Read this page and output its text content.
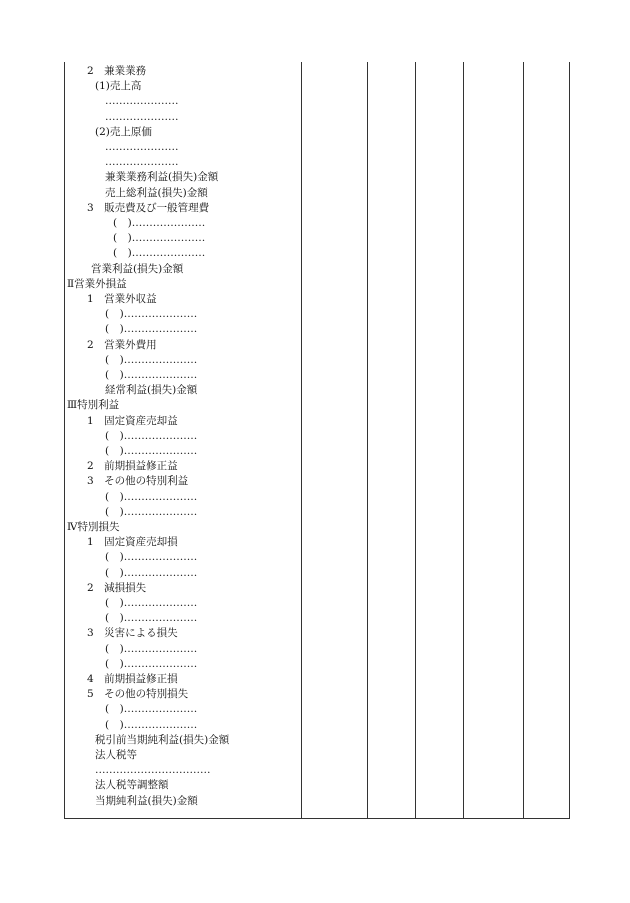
2　兼業業務
(1)売上高
…………………
…………………
(2)売上原価
…………………
…………………
兼業業務利益(損失)金額
売上総利益(損失)金額
3　販売費及び一般管理費
(　)…………………
(　)…………………
(　)…………………
営業利益(損失)金額
Ⅱ営業外損益
1　営業外収益
(　)…………………
(　)…………………
2　営業外費用
(　)…………………
(　)…………………
経常利益(損失)金額
Ⅲ特別利益
1　固定資産売却益
(　)…………………
(　)…………………
2　前期損益修正益
3　その他の特別利益
(　)…………………
(　)…………………
Ⅳ特別損失
1　固定資産売却損
(　)…………………
(　)…………………
2　減損損失
(　)…………………
(　)…………………
3　災害による損失
(　)…………………
(　)…………………
4　前期損益修正損
5　その他の特別損失
(　)…………………
(　)…………………
税引前当期純利益(損失)金額
法人税等
……………………………
法人税等調整額
当期純利益(損失)金額
